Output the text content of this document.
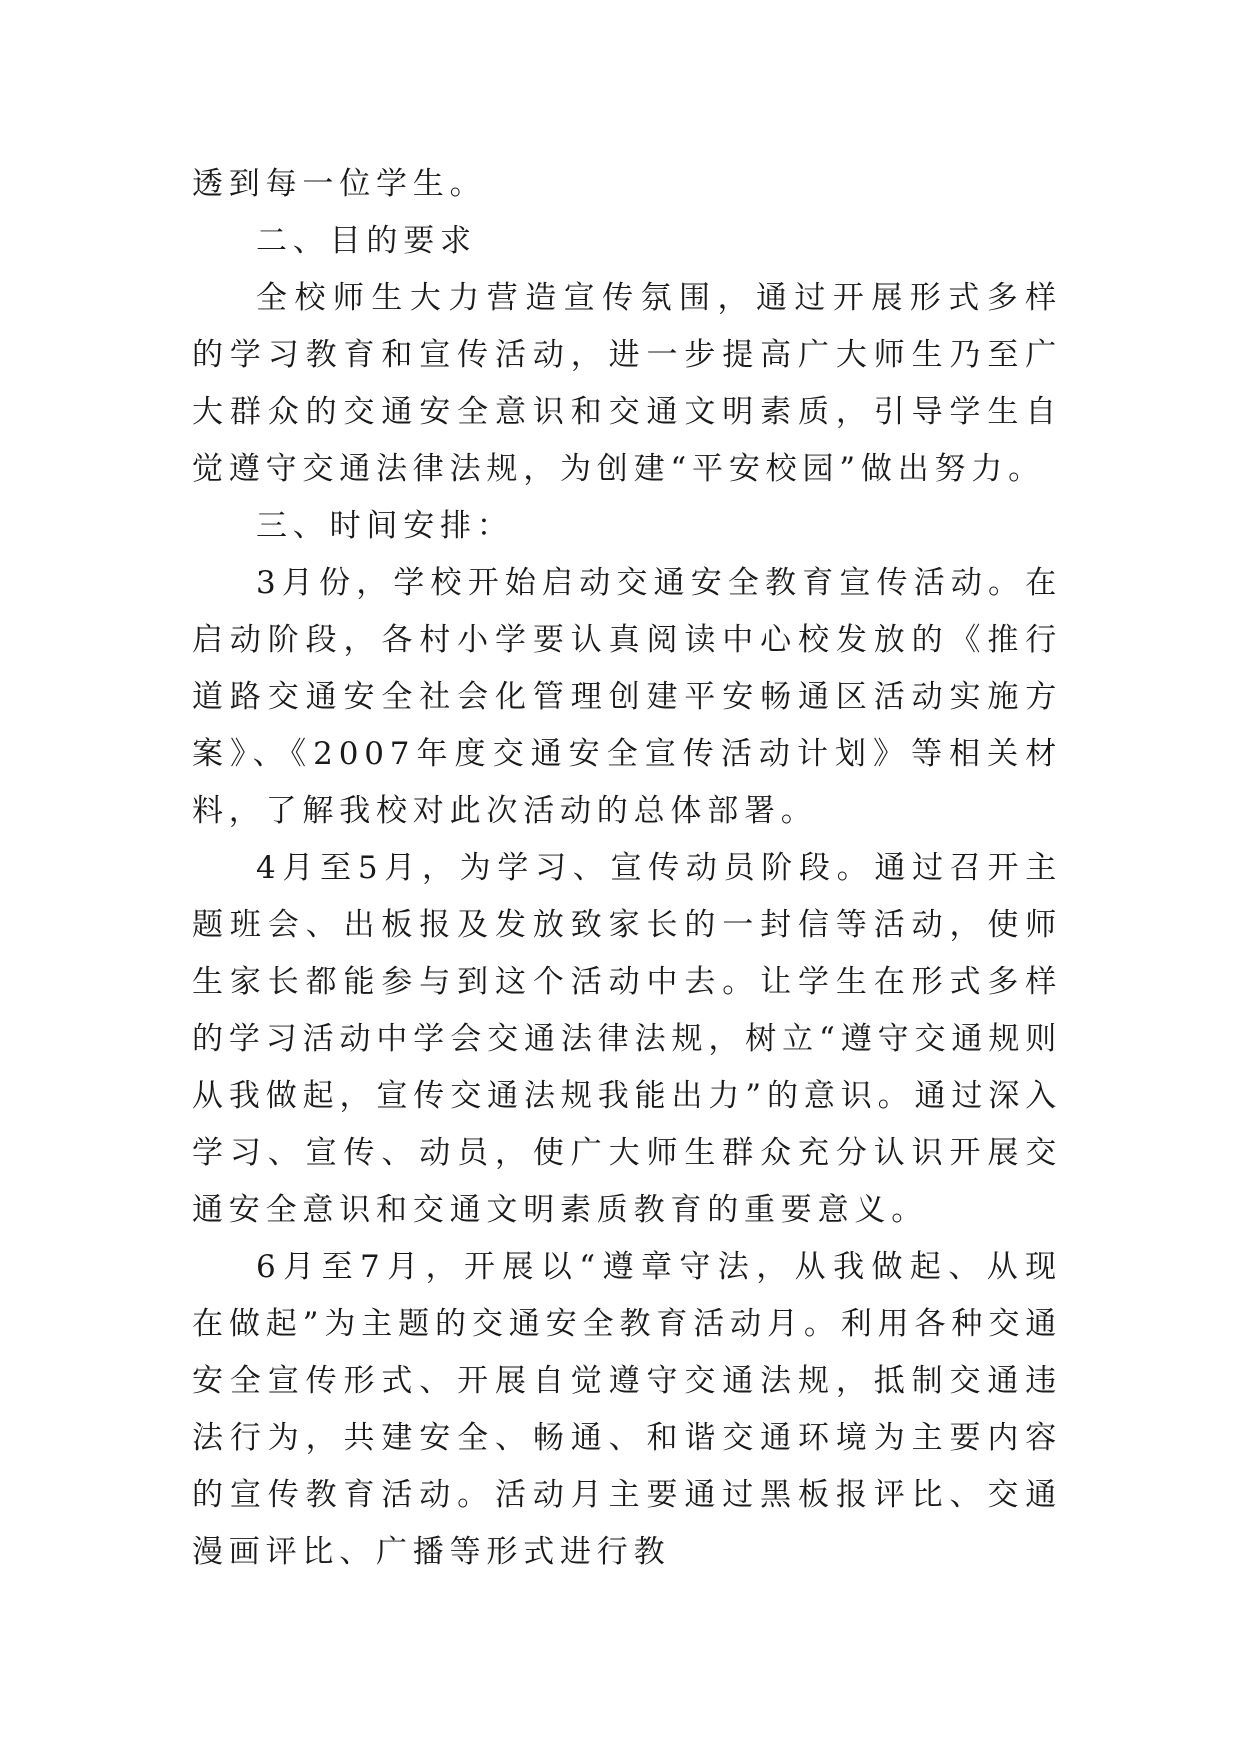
透到每一位学生。

二、目的要求

全校师生大力营造宣传氛围，通过开展形式多样的学习教育和宣传活动，进一步提高广大师生乃至广大群众的交通安全意识和交通文明素质，引导学生自觉遵守交通法律法规，为创建“平安校园”做出努力。

三、时间安排：

3月份，学校开始启动交通安全教育宣传活动。在启动阶段，各村小学要认真阅读中心校发放的《推行道路交通安全社会化管理创建平安畅通区活动实施方案》、《2007年度交通安全宣传活动计划》等相关材料，了解我校对此次活动的总体部署。

4月至5月，为学习、宣传动员阶段。通过召开主题班会、出板报及发放致家长的一封信等活动，使师生家长都能参与到这个活动中去。让学生在形式多样的学习活动中学会交通法律法规，树立“遵守交通规则从我做起，宣传交通法规我能出力”的意识。通过深入学习、宣传、动员，使广大师生群众充分认识开展交通安全意识和交通文明素质教育的重要意义。

6月至7月，开展以“遵章守法，从我做起、从现在做起”为主题的交通安全教育活动月。利用各种交通安全宣传形式、开展自觉遵守交通法规，抵制交通违法行为，共建安全、畅通、和谐交通环境为主要内容的宣传教育活动。活动月主要通过黑板报评比、交通漫画评比、广播等形式进行教
